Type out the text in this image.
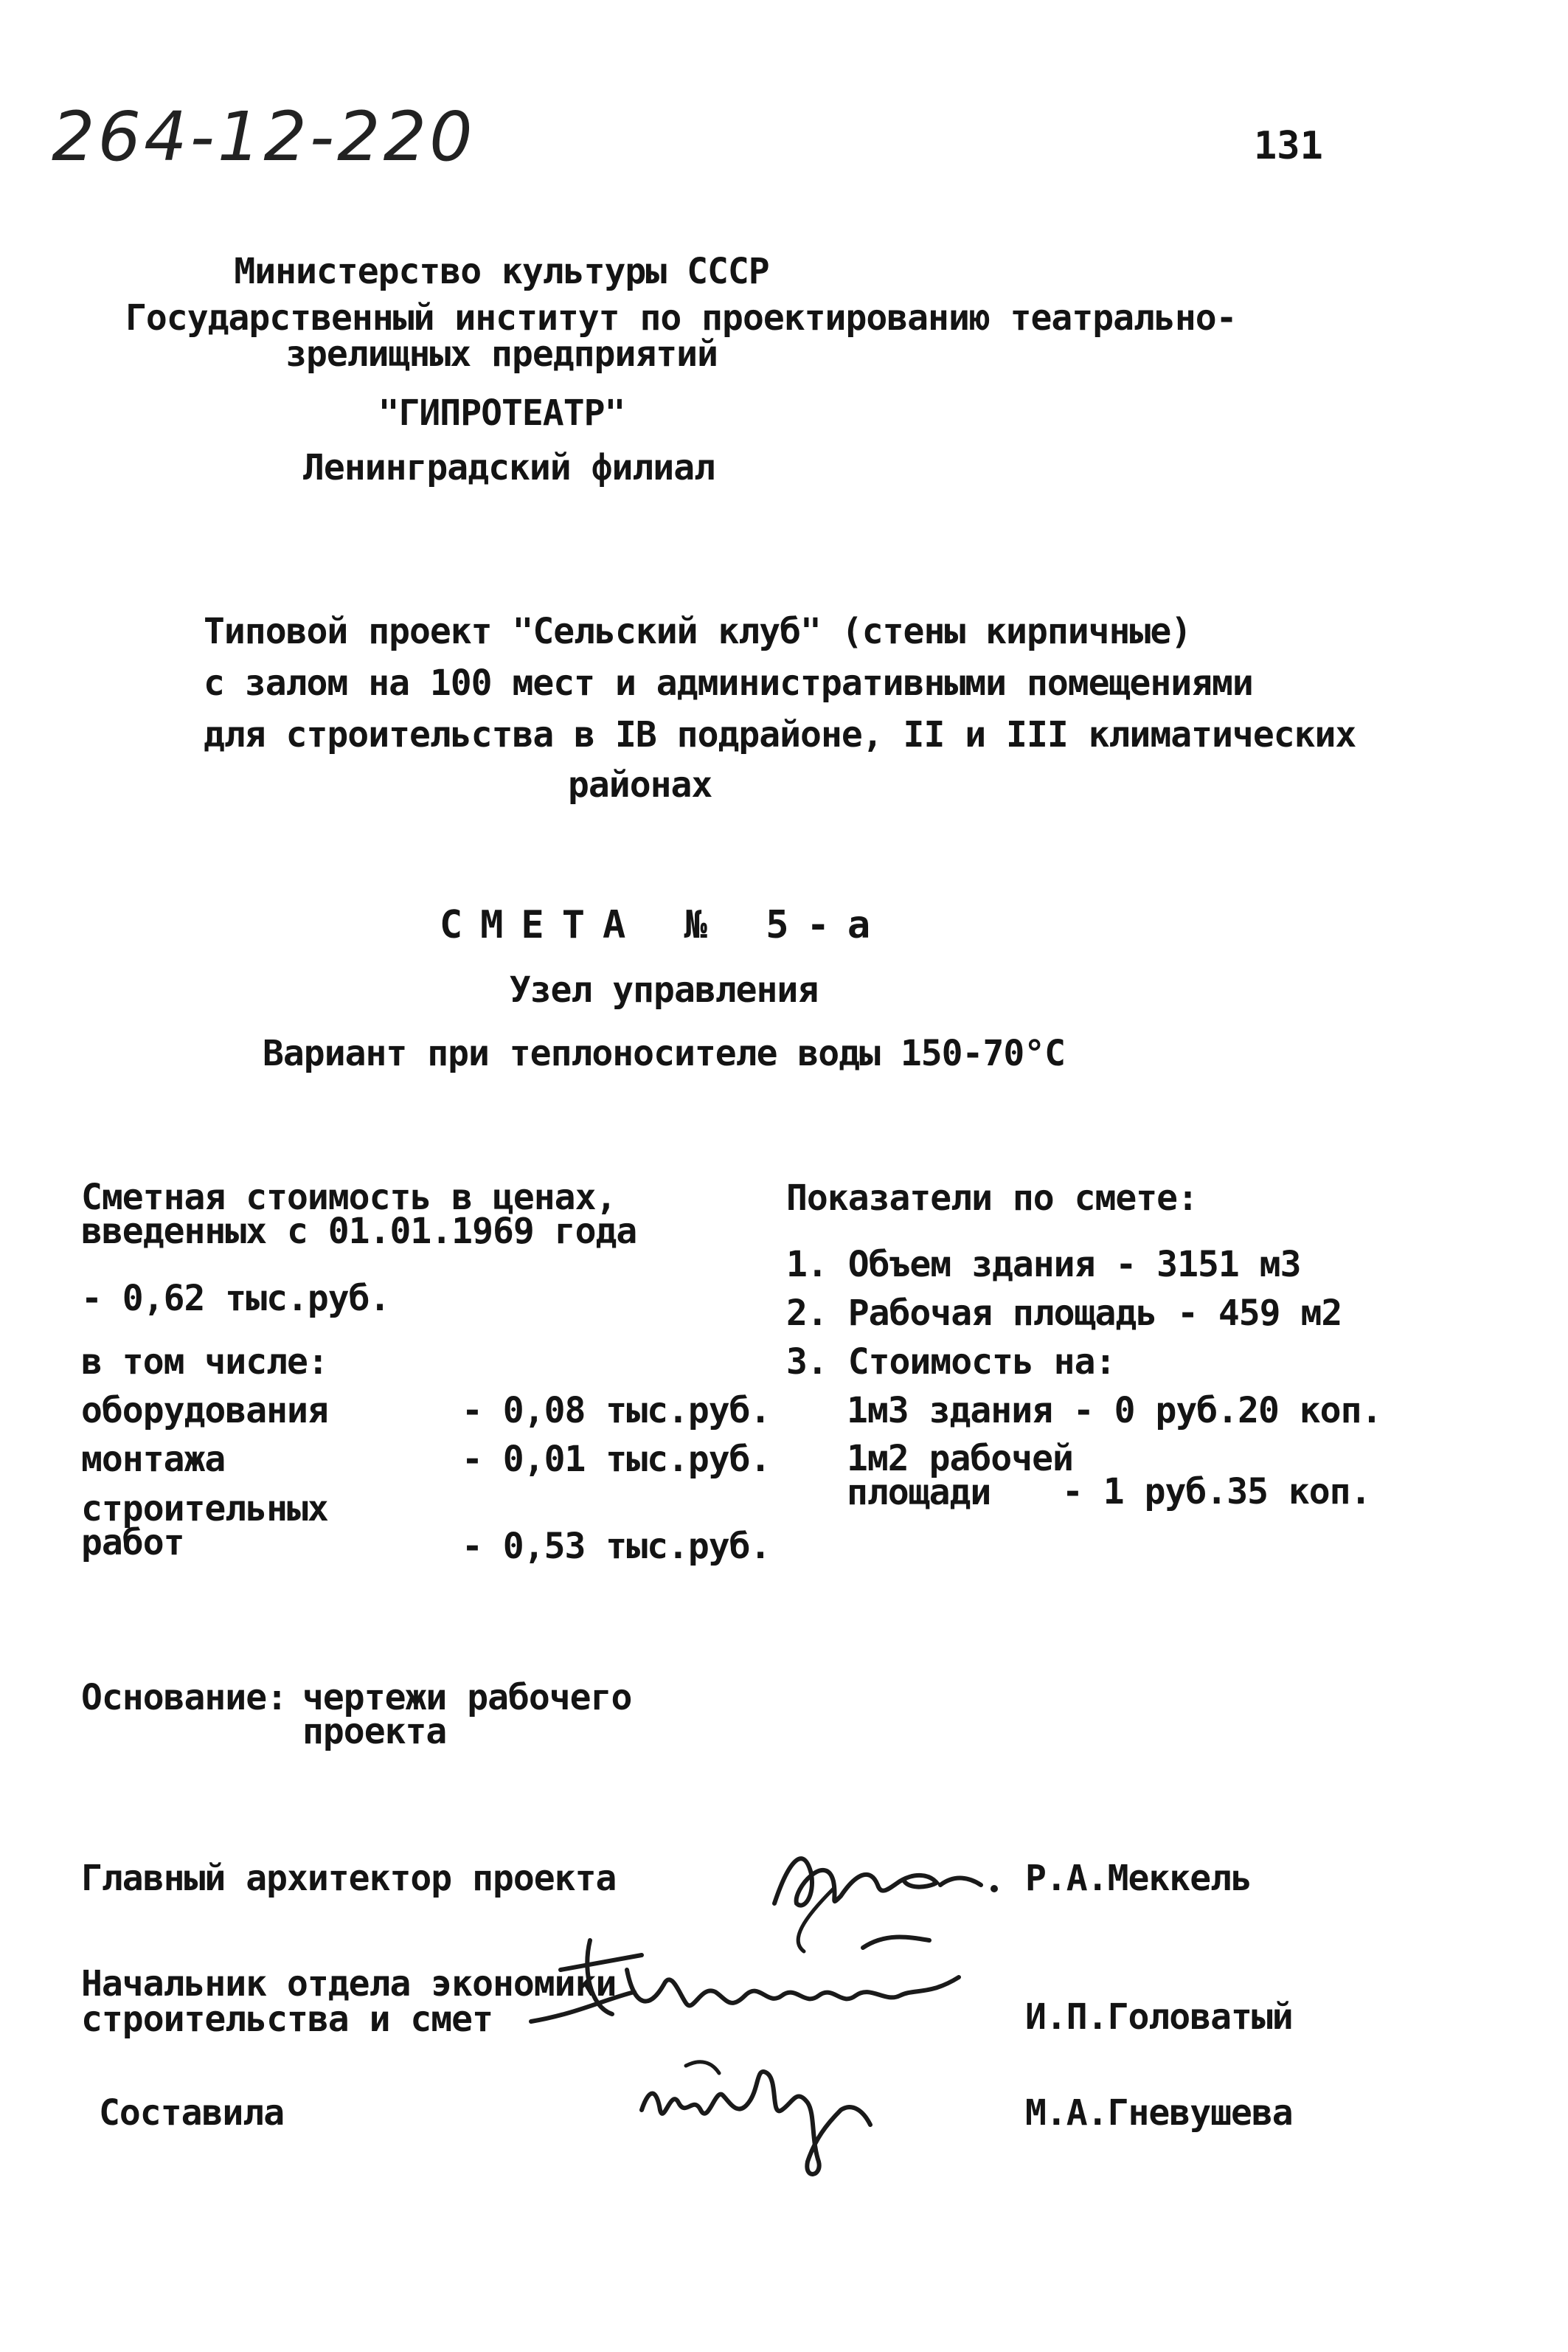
264-12-220	131
Министерство культуры СССР
Государственный институт по проектированию театрально-
зрелищных предприятий
"ГИПРОТЕАТР"
Ленинградский филиал
Типовой проект "Сельский клуб" (стены кирпичные)
с залом на 100 мест и административными помещениями
для строительства в IB подрайоне, II и III климатических
районах
СМЕТА № 5-а
Узел управления
Вариант при теплоносителе воды 150-70°С
Сметная стоимость в ценах,
введенных с 01.01.1969 года
- 0,62 тыс.руб.
в том числе:
оборудования	- 0,08 тыс.руб.
монтажа	- 0,01 тыс.руб.
строительных
работ	- 0,53 тыс.руб.
Показатели по смете:
1. Объем здания - 3151 м3
2. Рабочая площадь - 459 м2
3. Стоимость на:
1м3 здания - 0 руб.20 коп.
1м2 рабочей
площади - 1 руб.35 коп.
Основание: чертежи рабочего
проекта
Главный архитектор проекта	Р.А.Меккель
Начальник отдела экономики
строительства и смет	И.П.Головатый
Составила	М.А.Гневушева
